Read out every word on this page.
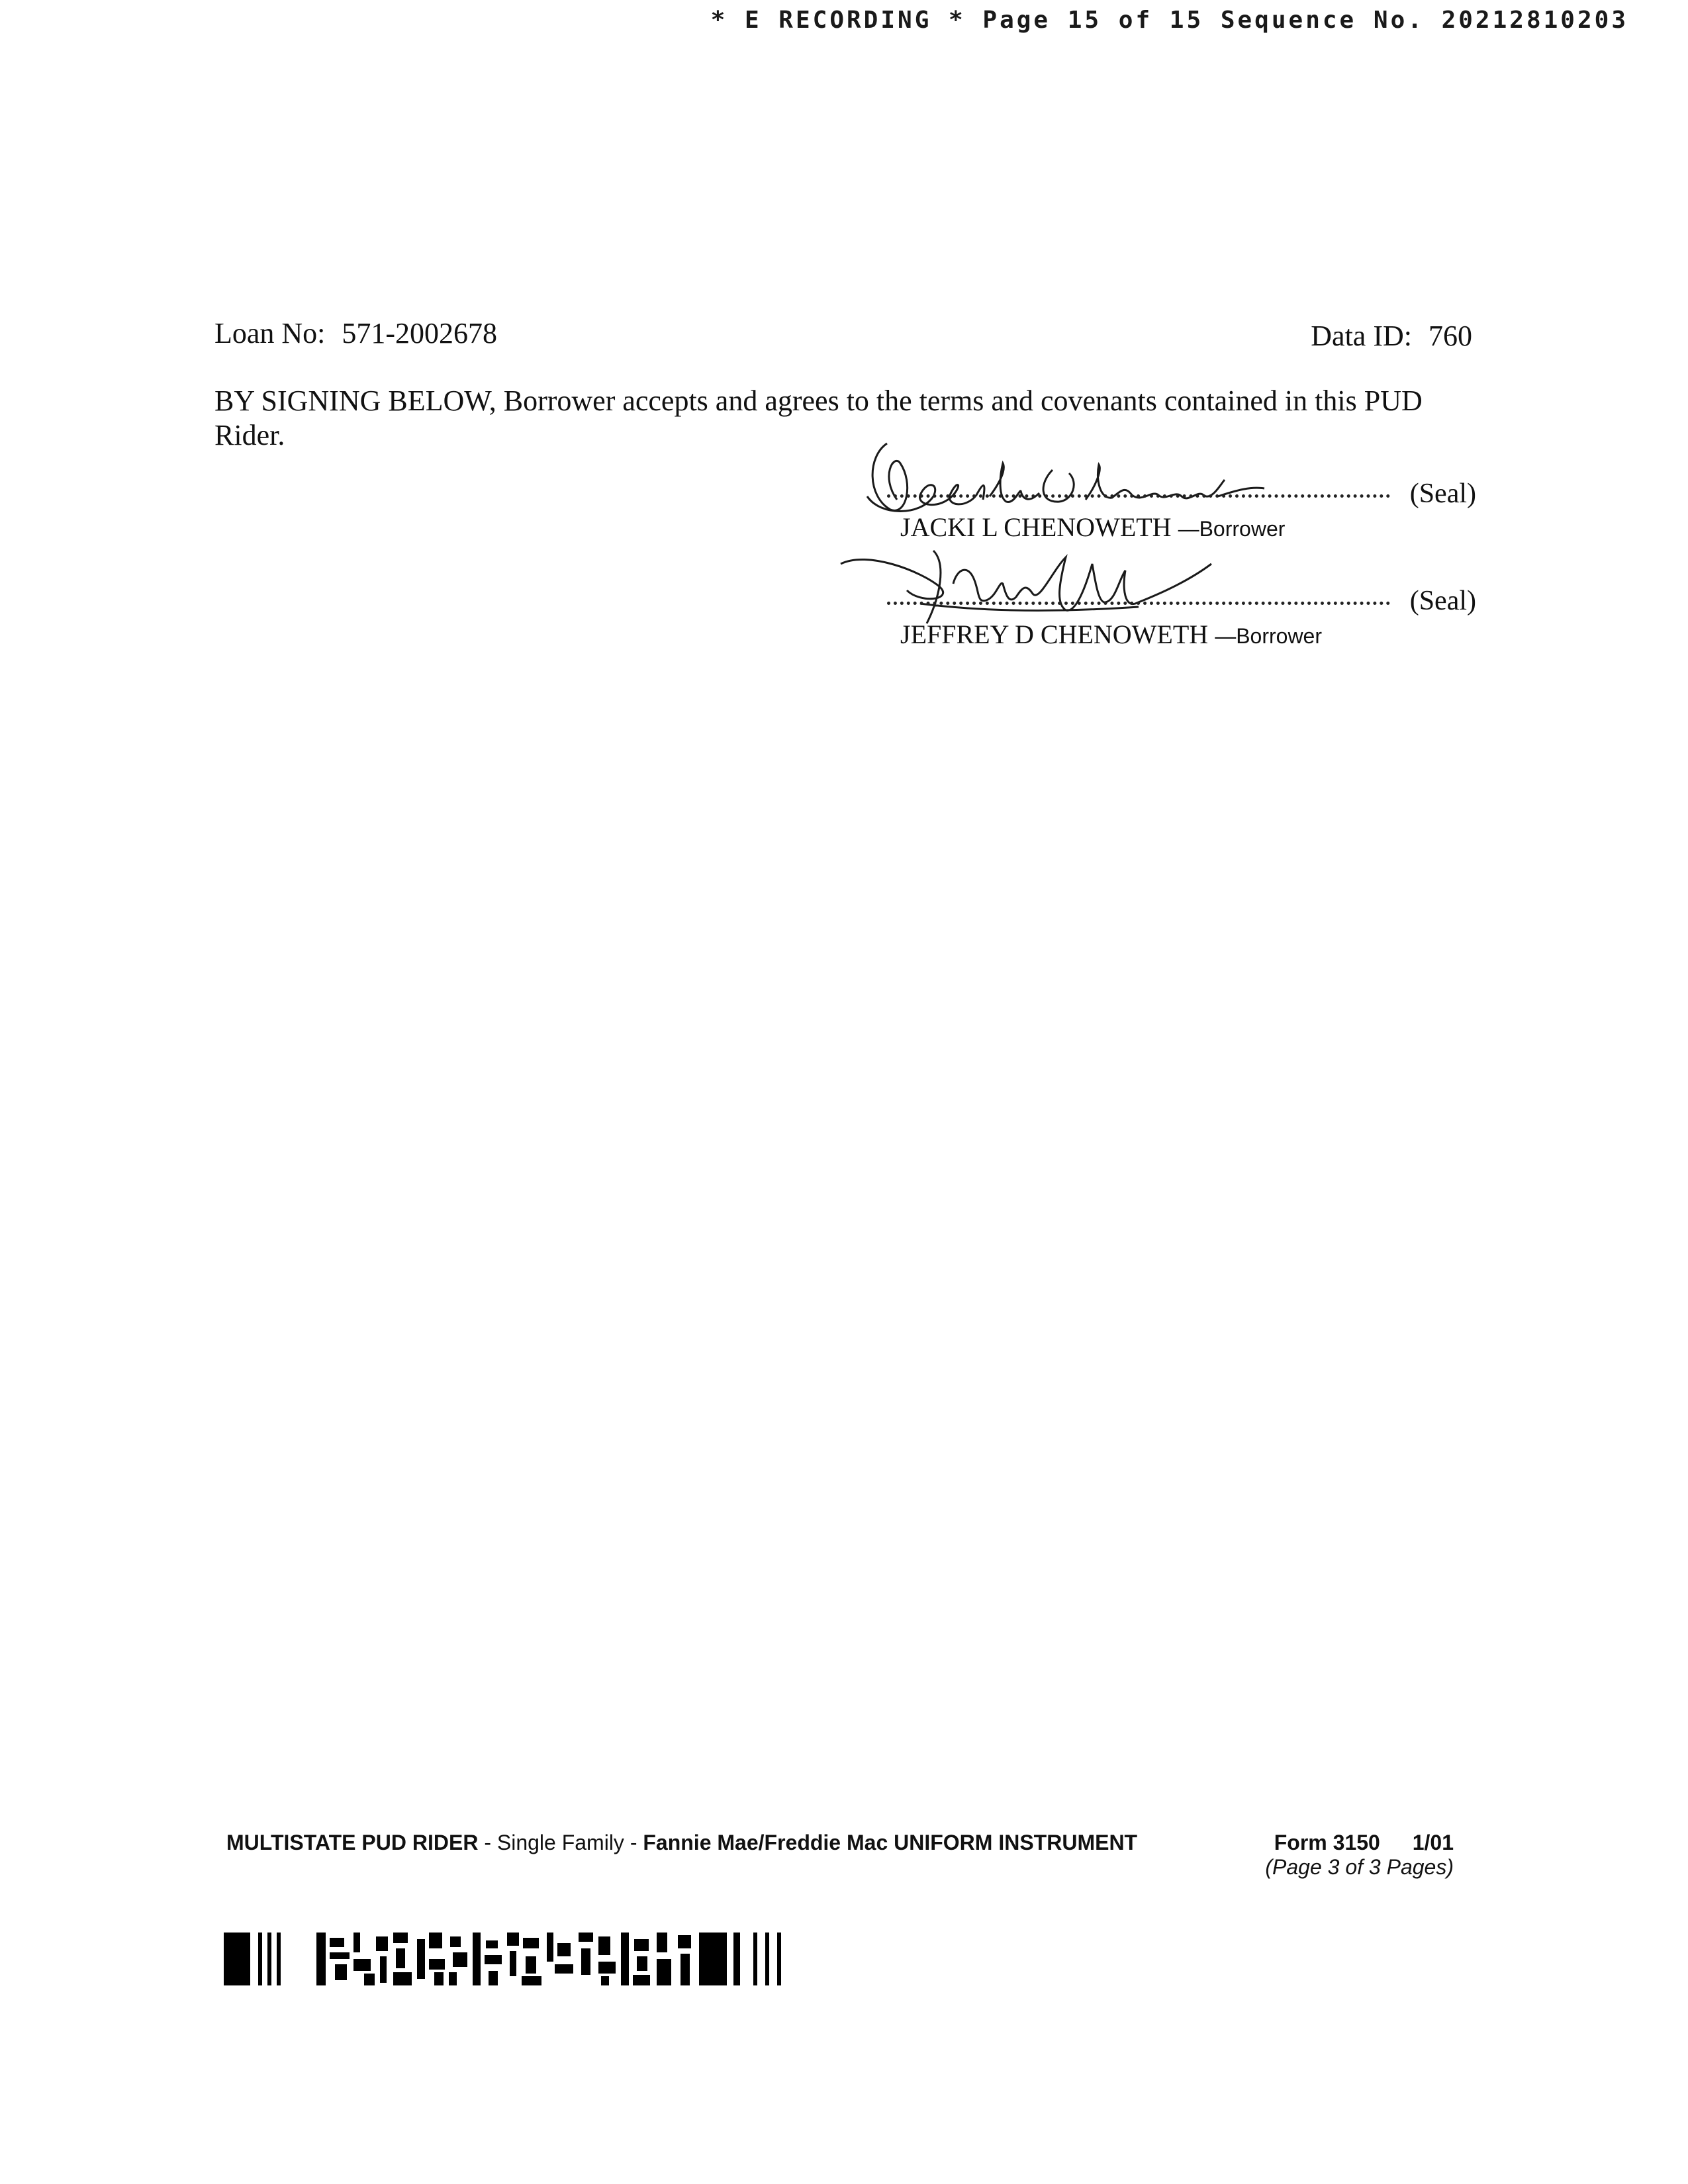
* E RECORDING * Page 15 of 15 Sequence No. 20212810203
Loan No: 571-2002678	Data ID: 760
BY SIGNING BELOW, Borrower accepts and agrees to the terms and covenants contained in this PUD
Rider.
(Seal)
JACKI L CHENOWETH —Borrower
(Seal)
JEFFREY D CHENOWETH —Borrower
MULTISTATE PUD RIDER - Single Family - Fannie Mae/Freddie Mac UNIFORM INSTRUMENT	Form 3150 1/01
(Page 3 of 3 Pages)
